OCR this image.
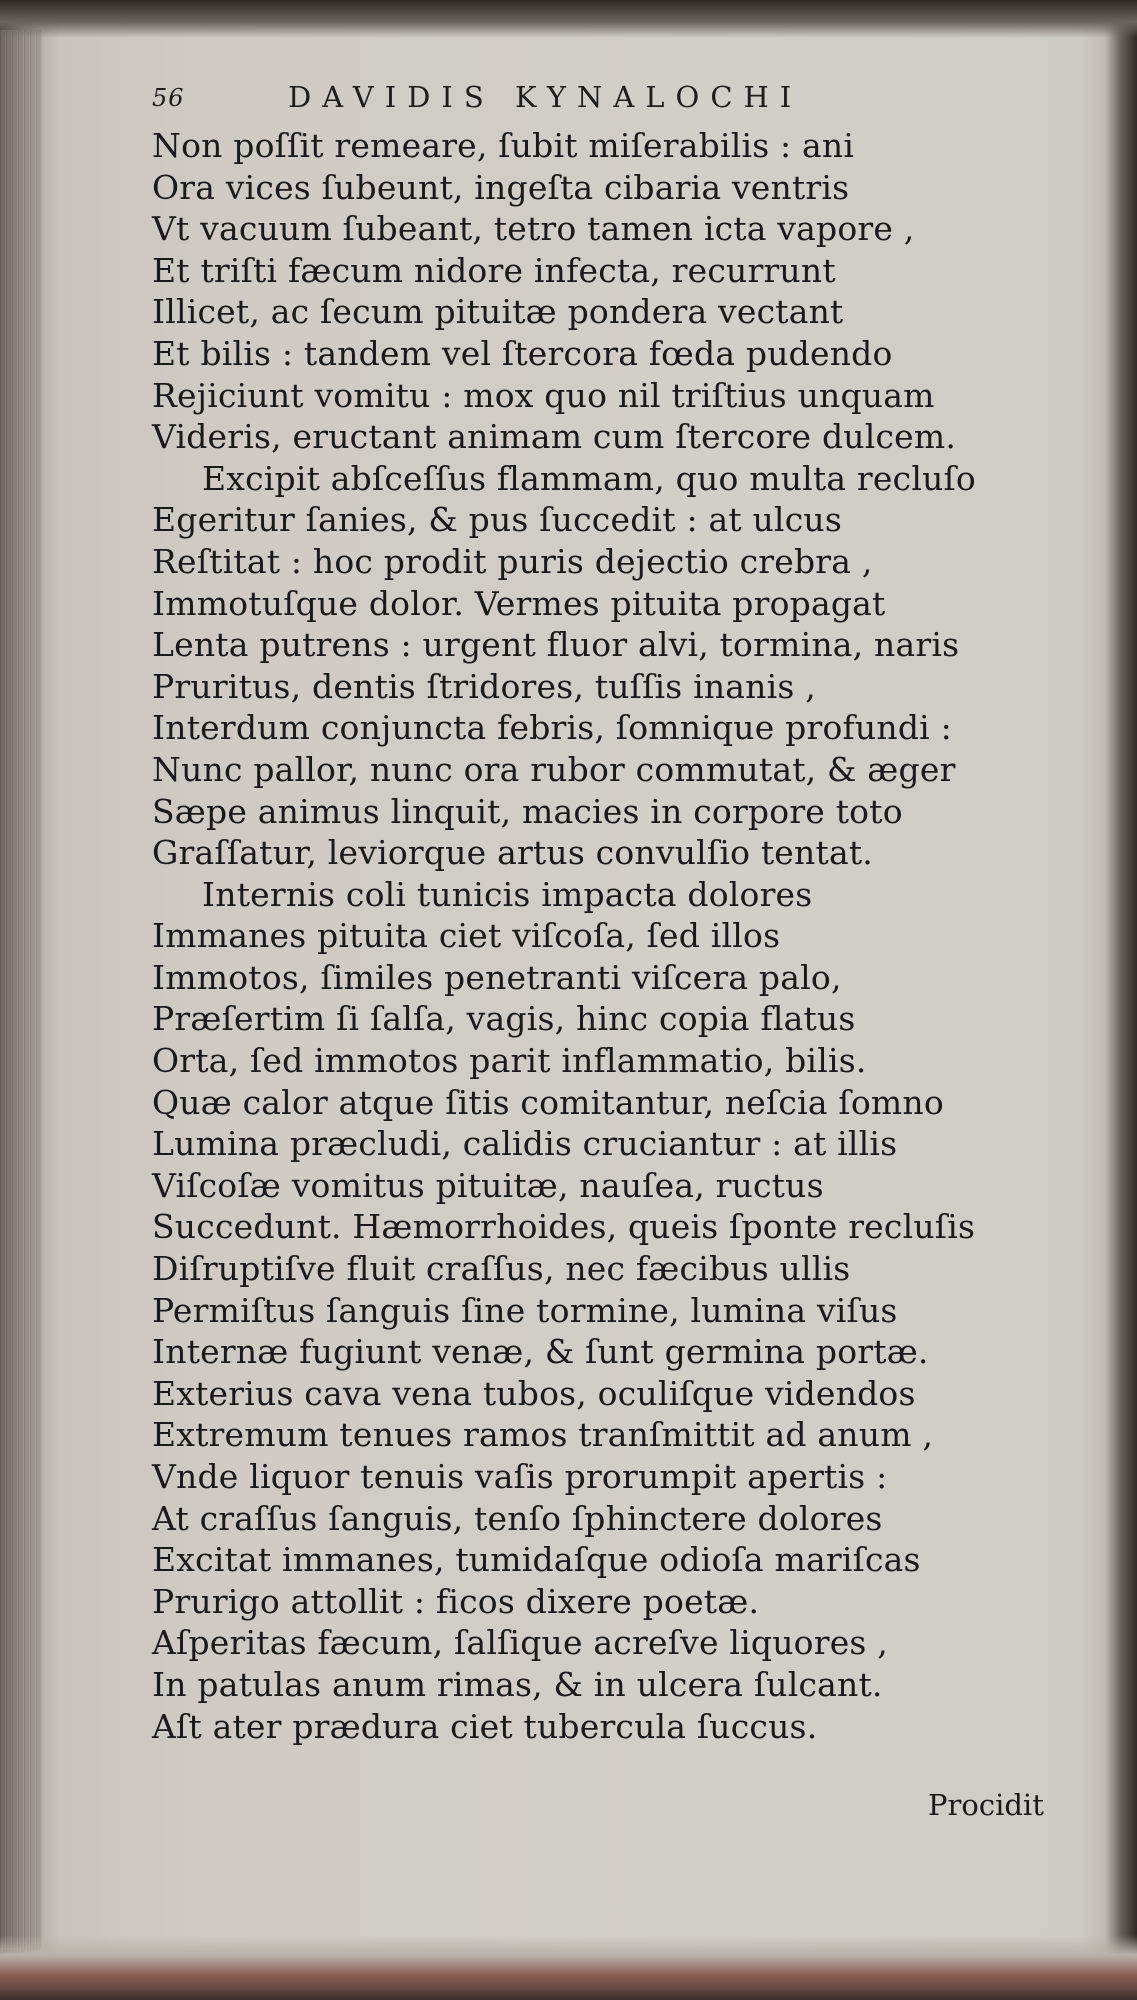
56	DAVIDIS KYNALOCHI
Non poſſit remeare, ſubit miſerabilis : ani
Ora vices ſubeunt, ingeſta cibaria ventris
Vt vacuum ſubeant, tetro tamen icta vapore ,
Et triſti fæcum nidore infecta, recurrunt
Illicet, ac ſecum pituitæ pondera vectant
Et bilis : tandem vel ſtercora fœda pudendo
Rejiciunt vomitu : mox quo nil triſtius unquam
Videris, eructant animam cum ſtercore dulcem.
Excipit abſceſſus flammam, quo multa recluſo
Egeritur ſanies, & pus ſuccedit : at ulcus
Reſtitat : hoc prodit puris dejectio crebra ,
Immotuſque dolor. Vermes pituita propagat
Lenta putrens : urgent fluor alvi, tormina, naris
Pruritus, dentis ſtridores, tuſſis inanis ,
Interdum conjuncta febris, ſomnique profundi :
Nunc pallor, nunc ora rubor commutat, & æger
Sæpe animus linquit, macies in corpore toto
Graſſatur, leviorque artus convulſio tentat.
Internis coli tunicis impacta dolores
Immanes pituita ciet viſcoſa, ſed illos
Immotos, ſimiles penetranti viſcera palo,
Præſertim ſi ſalſa, vagis, hinc copia flatus
Orta, ſed immotos parit inflammatio, bilis.
Quæ calor atque ſitis comitantur, neſcia ſomno
Lumina præcludi, calidis cruciantur : at illis
Viſcoſæ vomitus pituitæ, nauſea, ructus
Succedunt. Hæmorrhoides, queis ſponte recluſis
Diſruptiſve fluit craſſus, nec fæcibus ullis
Permiſtus ſanguis ſine tormine, lumina viſus
Internæ fugiunt venæ, & ſunt germina portæ.
Exterius cava vena tubos, oculiſque videndos
Extremum tenues ramos tranſmittit ad anum ,
Vnde liquor tenuis vaſis prorumpit apertis :
At craſſus ſanguis, tenſo ſphinctere dolores
Excitat immanes, tumidaſque odioſa mariſcas
Prurigo attollit : ficos dixere poetæ.
Aſperitas fæcum, ſalſique acreſve liquores ,
In patulas anum rimas, & in ulcera ſulcant.
Aſt ater prædura ciet tubercula ſuccus.
Procidit
